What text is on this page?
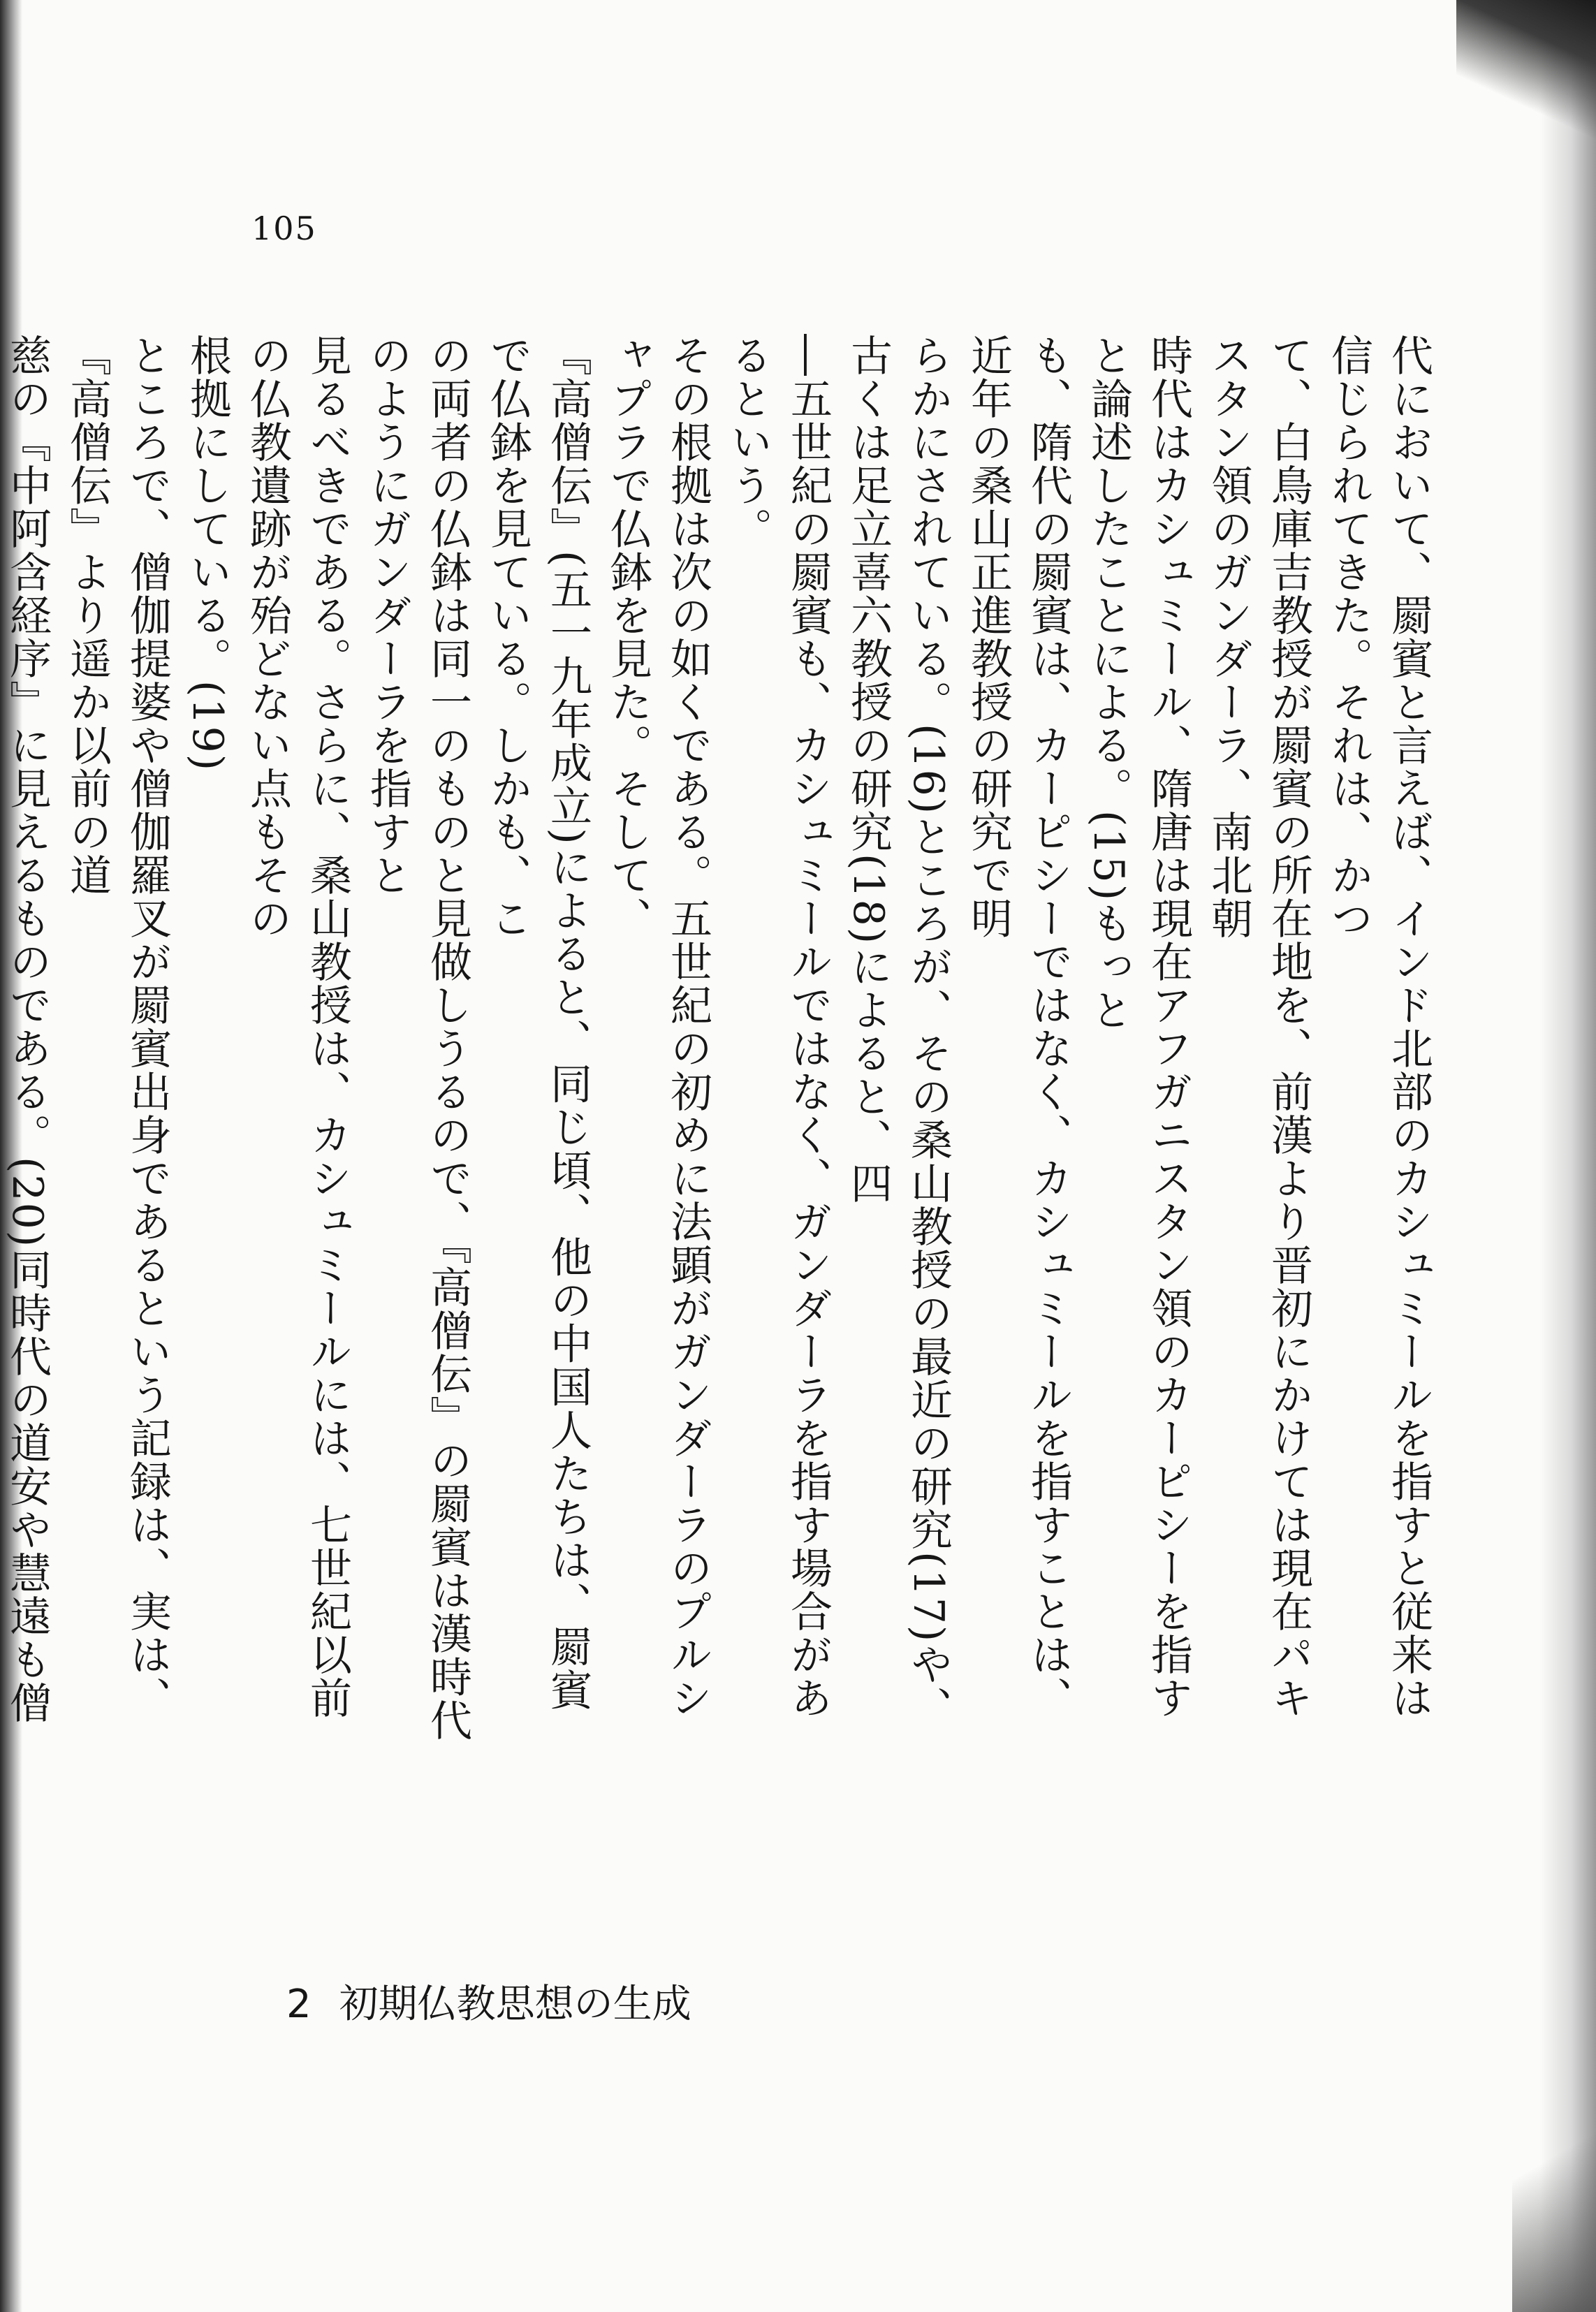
105
代において、罽賓と言えば、インド北部のカシュミールを指すと従来は信じられてきた。それは、かつ
て、白鳥庫吉教授が罽賓の所在地を、前漢より晋初にかけては現在パキスタン領のガンダーラ、南北朝
時代はカシュミール、隋唐は現在アフガニスタン領のカーピシーを指すと論述したことによる。(15)もっと
も、隋代の罽賓は、カーピシーではなく、カシュミールを指すことは、近年の桑山正進教授の研究で明
らかにされている。(16)ところが、その桑山教授の最近の研究(17)や、古くは足立喜六教授の研究(18)によると、四
―五世紀の罽賓も、カシュミールではなく、ガンダーラを指す場合があるという。
その根拠は次の如くである。五世紀の初めに法顕がガンダーラのプルシャプラで仏鉢を見た。そして、
『高僧伝』(五一九年成立)によると、同じ頃、他の中国人たちは、罽賓で仏鉢を見ている。しかも、こ
の両者の仏鉢は同一のものと見做しうるので、『高僧伝』の罽賓は漢時代のようにガンダーラを指すと
見るべきである。さらに、桑山教授は、カシュミールには、七世紀以前の仏教遺跡が殆どない点もその
根拠にしている。(19)
ところで、僧伽提婆や僧伽羅叉が罽賓出身であるという記録は、実は、『高僧伝』より遥か以前の道
慈の『中阿含経序』に見えるものである。(20)同時代の道安や慧遠も僧

2 初期仏教思想の生成
